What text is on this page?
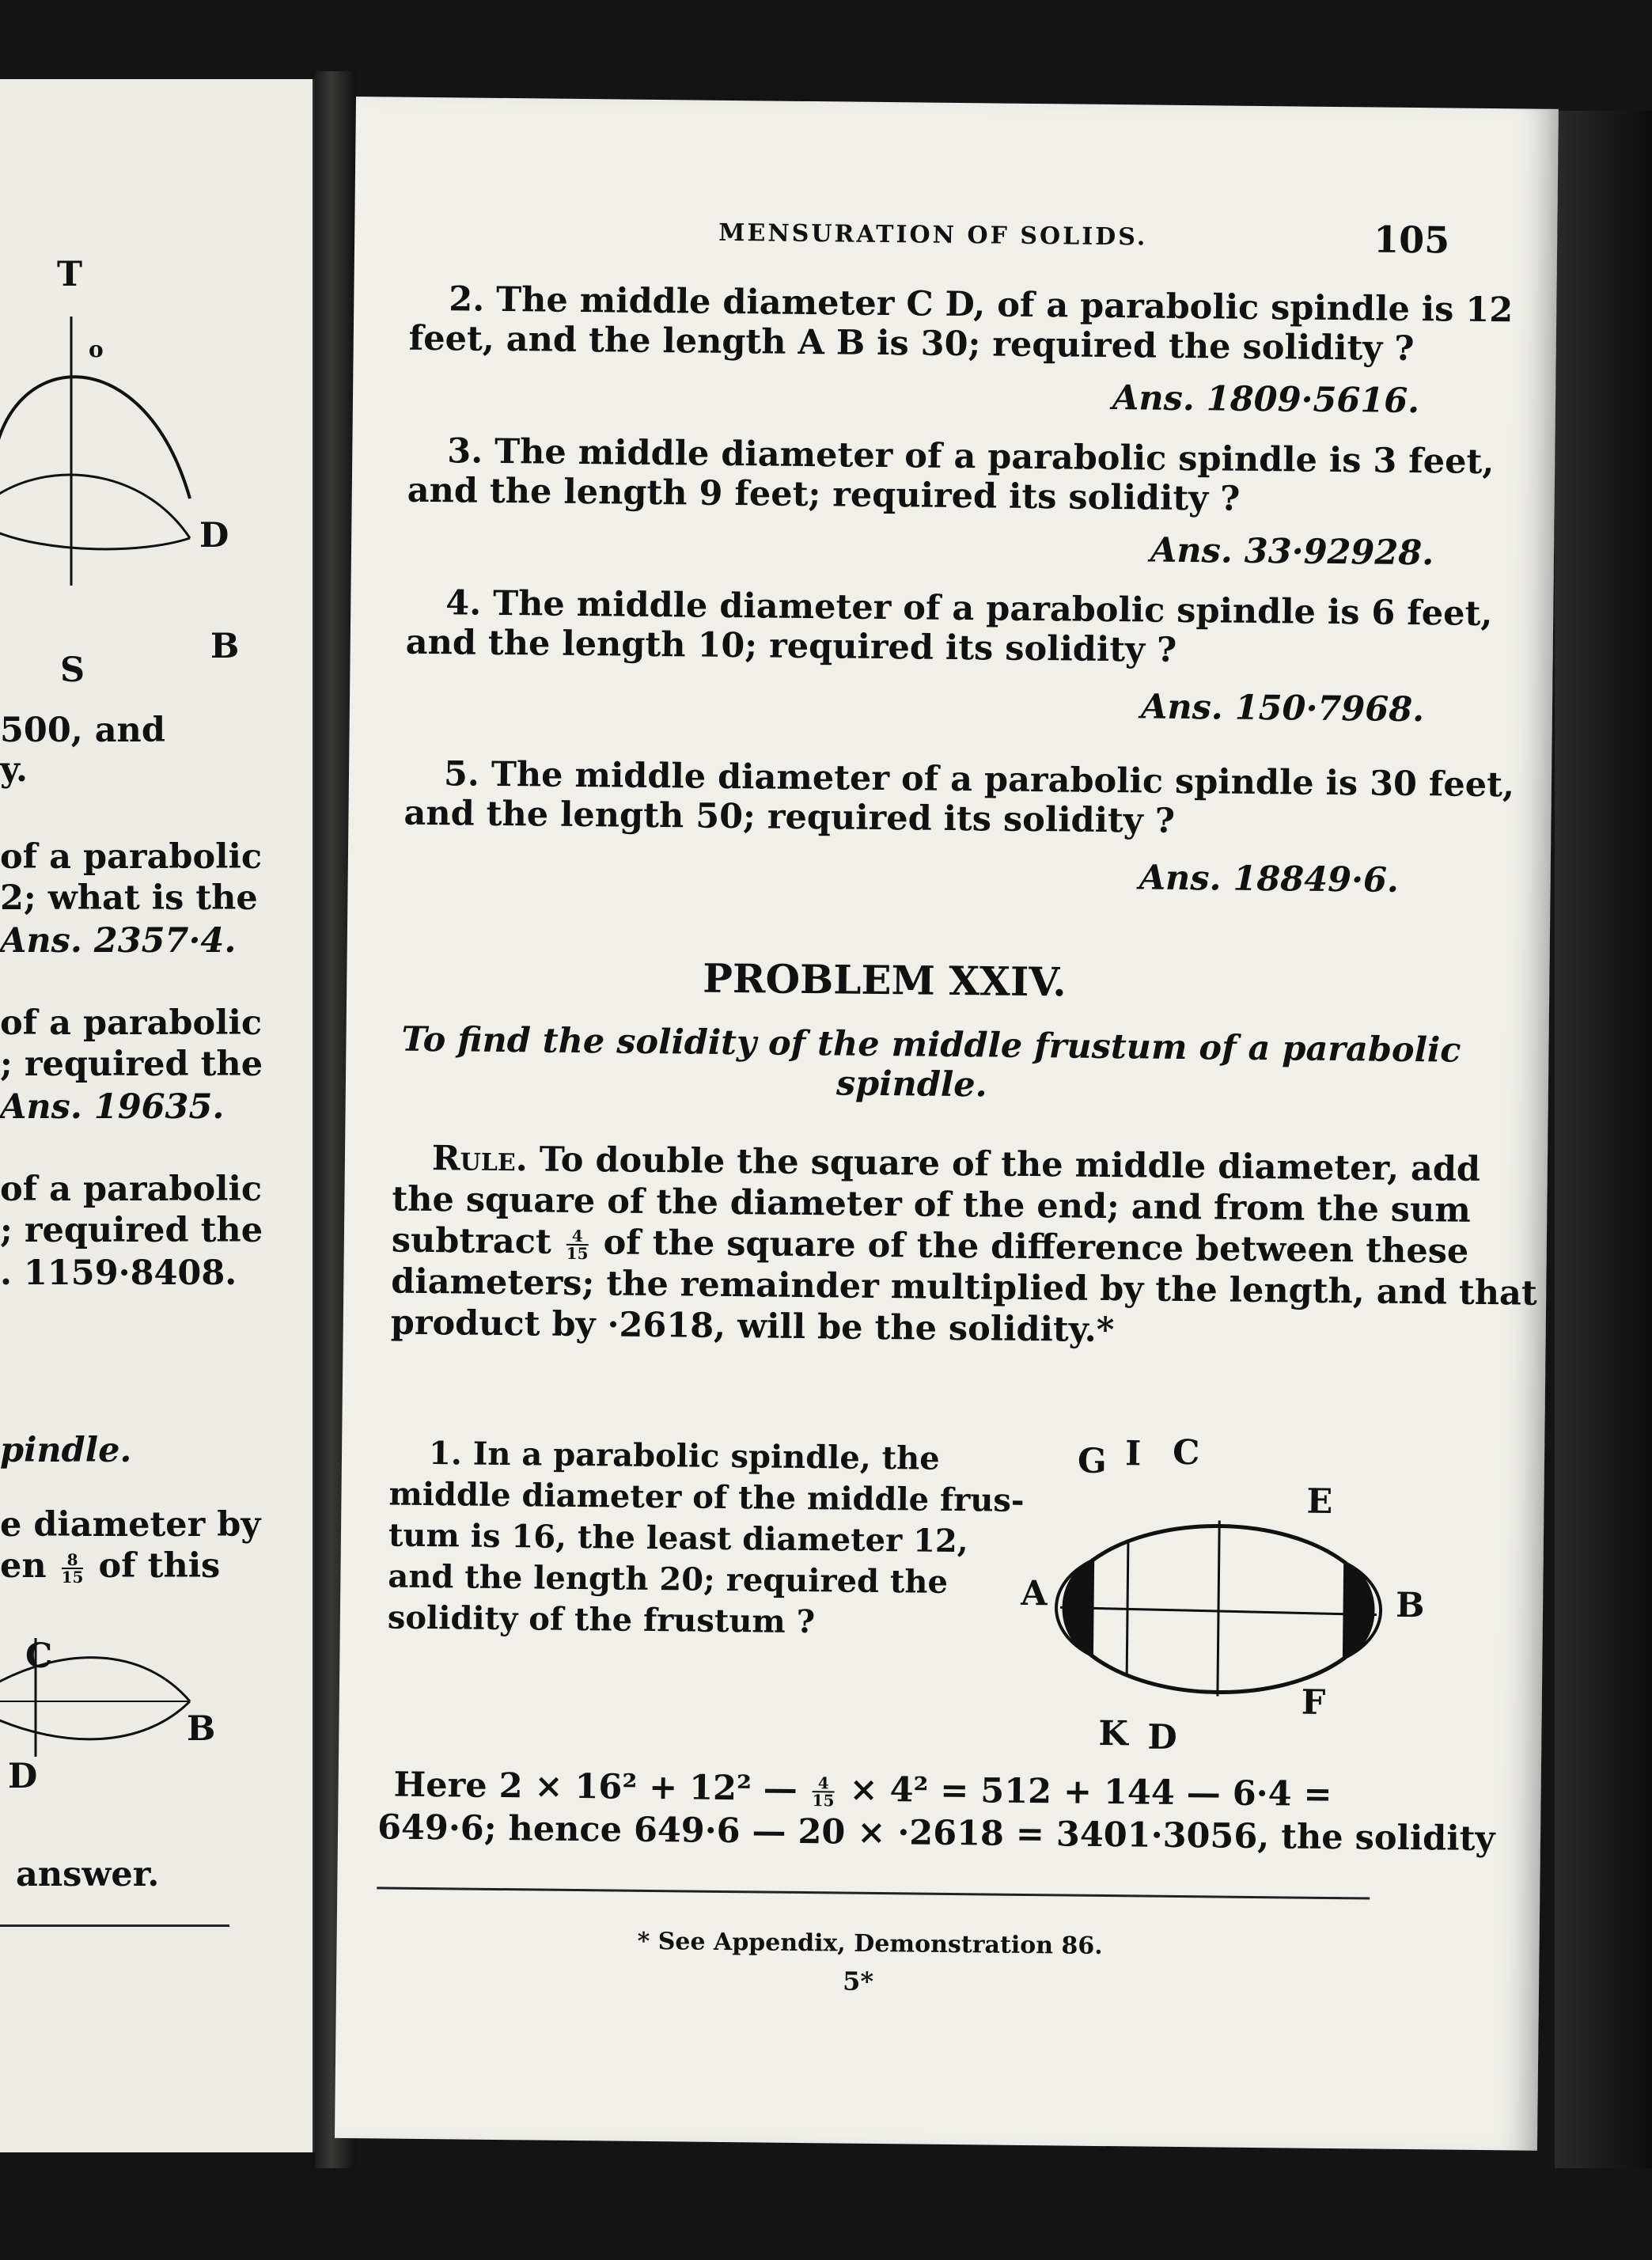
T
o
D
B
S
500, and
y.
of a parabolic
2; what is the
Ans. 2357·4.
of a parabolic
; required the
Ans. 19635.
of a parabolic
; required the
. 1159·8408.
pindle.
e diameter by
en $\frac{8}{15}$ of this
C
B
D
answer.
MENSURATION OF SOLIDS.	105
2. The middle diameter C D, of a parabolic spindle is 12
feet, and the length A B is 30; required the solidity ?
Ans. 1809·5616.
3. The middle diameter of a parabolic spindle is 3 feet,
and the length 9 feet; required its solidity ?
Ans. 33·92928.
4. The middle diameter of a parabolic spindle is 6 feet,
and the length 10; required its solidity ?
Ans. 150·7968.
5. The middle diameter of a parabolic spindle is 30 feet,
and the length 50; required its solidity ?
Ans. 18849·6.
PROBLEM XXIV.
To find the solidity of the middle frustum of a parabolic
spindle.
Rule. To double the square of the middle diameter, add
the square of the diameter of the end; and from the sum
subtract $\frac{4}{15}$ of the square of the difference between these
diameters; the remainder multiplied by the length, and that
product by ·2618, will be the solidity.*
1. In a parabolic spindle, the
middle diameter of the middle frus-
tum is 16, the least diameter 12,
and the length 20; required the
solidity of the frustum ?
G I C
E
A	B
F
K D
Here 2 × 16² + 12² — $\frac{4}{15} \times 4^2 = 512 + 144$ — 6·4 =
649·6; hence 649·6 — 20 × ·2618 = 3401·3056, the solidity
* See Appendix, Demonstration 86.
5*
